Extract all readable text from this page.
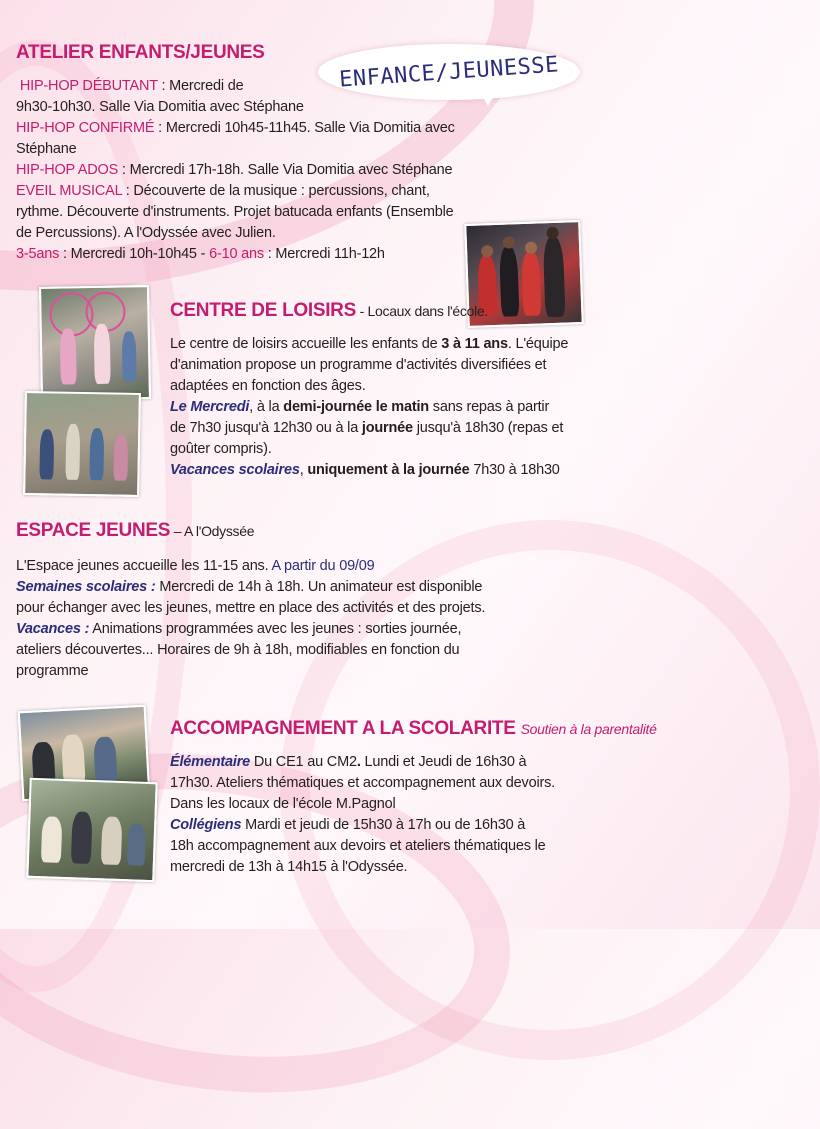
ENFANCE/JEUNESSE
ATELIER ENFANTS/JEUNES
HIP-HOP DÉBUTANT : Mercredi de
9h30-10h30. Salle Via Domitia avec Stéphane
HIP-HOP CONFIRMÉ : Mercredi 10h45-11h45. Salle Via Domitia avec
Stéphane
HIP-HOP ADOS : Mercredi 17h-18h. Salle Via Domitia avec Stéphane
EVEIL MUSICAL : Découverte de la musique : percussions, chant,
rythme. Découverte d'instruments. Projet batucada enfants (Ensemble
de Percussions). A l'Odyssée avec Julien.
3-5ans : Mercredi 10h-10h45 - 6-10 ans : Mercredi 11h-12h
CENTRE DE LOISIRS - Locaux dans l'école.
Le centre de loisirs accueille les enfants de 3 à 11 ans. L'équipe
d'animation propose un programme d'activités diversifiées et
adaptées en fonction des âges.
Le Mercredi, à la demi-journée le matin sans repas à partir
de 7h30 jusqu'à 12h30 ou à la journée jusqu'à 18h30 (repas et
goûter compris).
Vacances scolaires, uniquement à la journée 7h30 à 18h30
ESPACE JEUNES – A l'Odyssée
L'Espace jeunes accueille les 11-15 ans. A partir du 09/09
Semaines scolaires : Mercredi de 14h à 18h. Un animateur est disponible
pour échanger avec les jeunes, mettre en place des activités et des projets.
Vacances : Animations programmées avec les jeunes : sorties journée,
ateliers découvertes... Horaires de 9h à 18h, modifiables en fonction du
programme
ACCOMPAGNEMENT A LA SCOLARITE Soutien à la parentalité
Élémentaire Du CE1 au CM2. Lundi et Jeudi de 16h30 à
17h30. Ateliers thématiques et accompagnement aux devoirs.
Dans les locaux de l'école M.Pagnol
Collégiens Mardi et jeudi de 15h30 à 17h ou de 16h30 à
18h accompagnement aux devoirs et ateliers thématiques le
mercredi de 13h à 14h15 à l'Odyssée.
